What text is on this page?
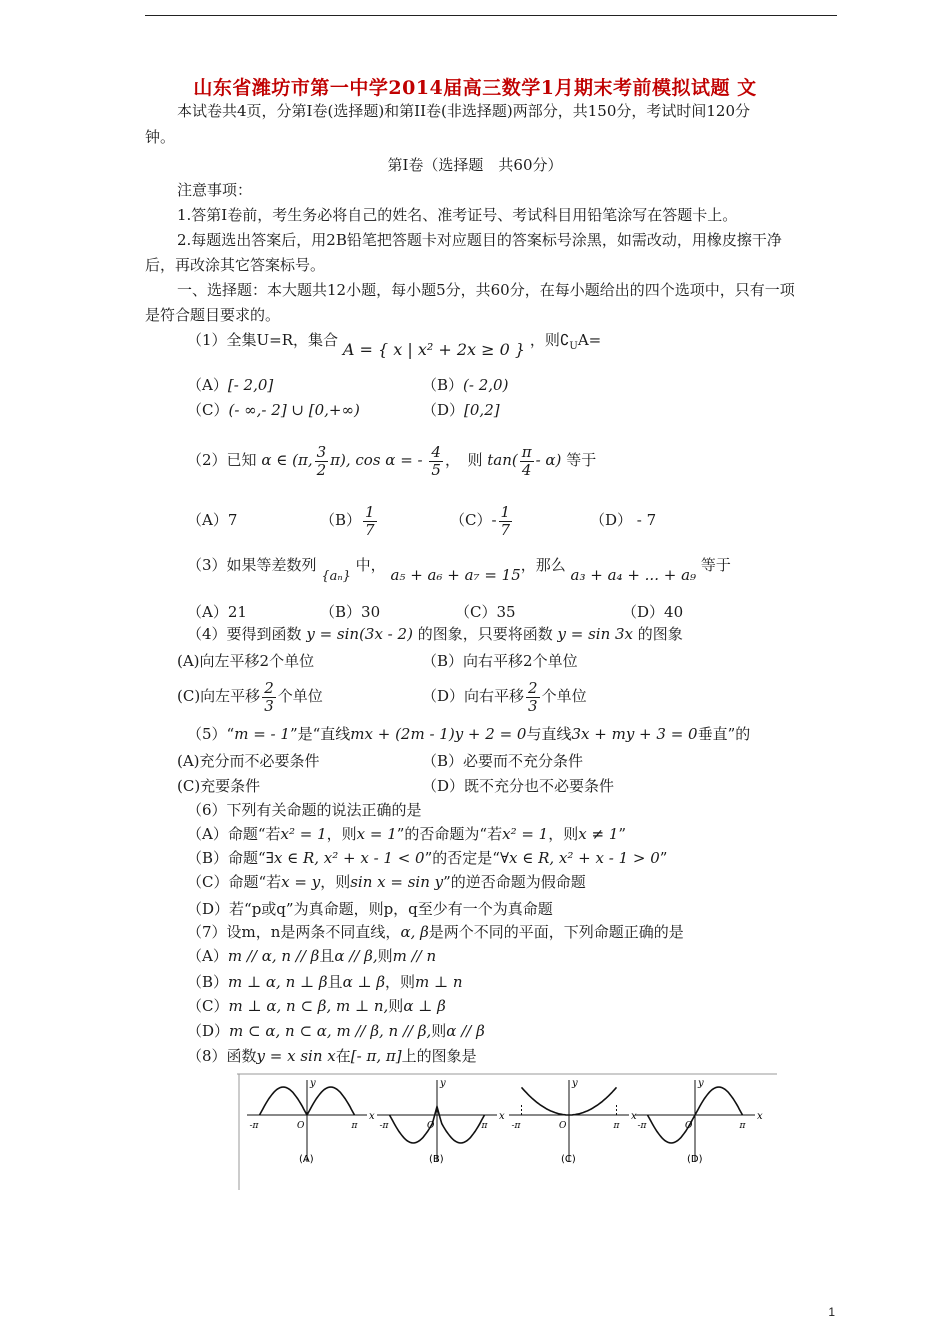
山东省潍坊市第一中学2014届高三数学1月期末考前模拟试题 文
本试卷共4页，分第I卷(选择题)和第II卷(非选择题)两部分，共150分，考试时间120分
钟。
第I卷（选择题　共60分）
注意事项：
1.答第I卷前，考生务必将自己的姓名、准考证号、考试科目用铅笔涂写在答题卡上。
2.每题选出答案后，用2B铅笔把答题卡对应题目的答案标号涂黑，如需改动，用橡皮擦干净
后，再改涂其它答案标号。
一、选择题：本大题共12小题，每小题5分，共60分，在每小题给出的四个选项中，只有一项
是符合题目要求的。
（1）全集U=R，集合 A = { x | x² + 2x ≥ 0 } ，则$∁_UA=$
（A）[- 2,0]	（B）(- 2,0)
（C）(- ∞,- 2] ∪ [0,+∞)	（D）[0,2]
（2）已知 α ∈ (π, $\frac{3}{2} \pi$), cos α = - $\frac{4}{5}$ ，　则 $\tan( \frac{\pi}{4} - \alpha)$ 等于
（A）7	$(B) \frac{1}{7}$	$(C)- \frac{1}{7}$	（D） - 7
（3）如果等差数列 {aₙ} 中， a₅ + a₆ + a₇ = 15，那么 a₃ + a₄ + ... + a₉ 等于
（A）21	（B）30	（C）35	（D）40
（4）要得到函数 y = sin(3x - 2) 的图象，只要将函数 y = sin 3x 的图象
(A)向左平移2个单位	（B）向右平移2个单位
(C)向左平移 $\frac{2}{3}$ 个单位	（D）向右平移 $\frac{2}{3}$ 个单位
（5）“m = - 1”是“直线mx + (2m - 1)y + 2 = 0与直线3x + my + 3 = 0垂直”的
(A)充分而不必要条件	（B）必要而不充分条件
(C)充要条件	（D）既不充分也不必要条件
（6）下列有关命题的说法正确的是
（A）命题“若x² = 1，则x = 1”的否命题为“若x² = 1，则x ≠ 1”
（B）命题“∃x ∈ R, x² + x - 1 < 0”的否定是“∀x ∈ R, x² + x - 1 > 0”
（C）命题“若x = y，则sin x = sin y”的逆否命题为假命题
（D）若“p或q”为真命题，则p，q至少有一个为真命题
（7）设m，n是两条不同直线，α, β是两个不同的平面，下列命题正确的是
（A）m // α, n // β且α // β,则m // n
（B）m ⊥ α, n ⊥ β且α ⊥ β，则m ⊥ n
（C）m ⊥ α, n ⊂ β, m ⊥ n,则α ⊥ β
（D）m ⊂ α, n ⊂ α, m // β, n // β,则α // β
（8）函数y = x sin x在[- π, π]上的图象是
x
y
-π	π
O
(A)
x
y
-π	π
O
(B)
x
y
-π	π
O
(C)
x
y
-π	π
O
(D)
1
